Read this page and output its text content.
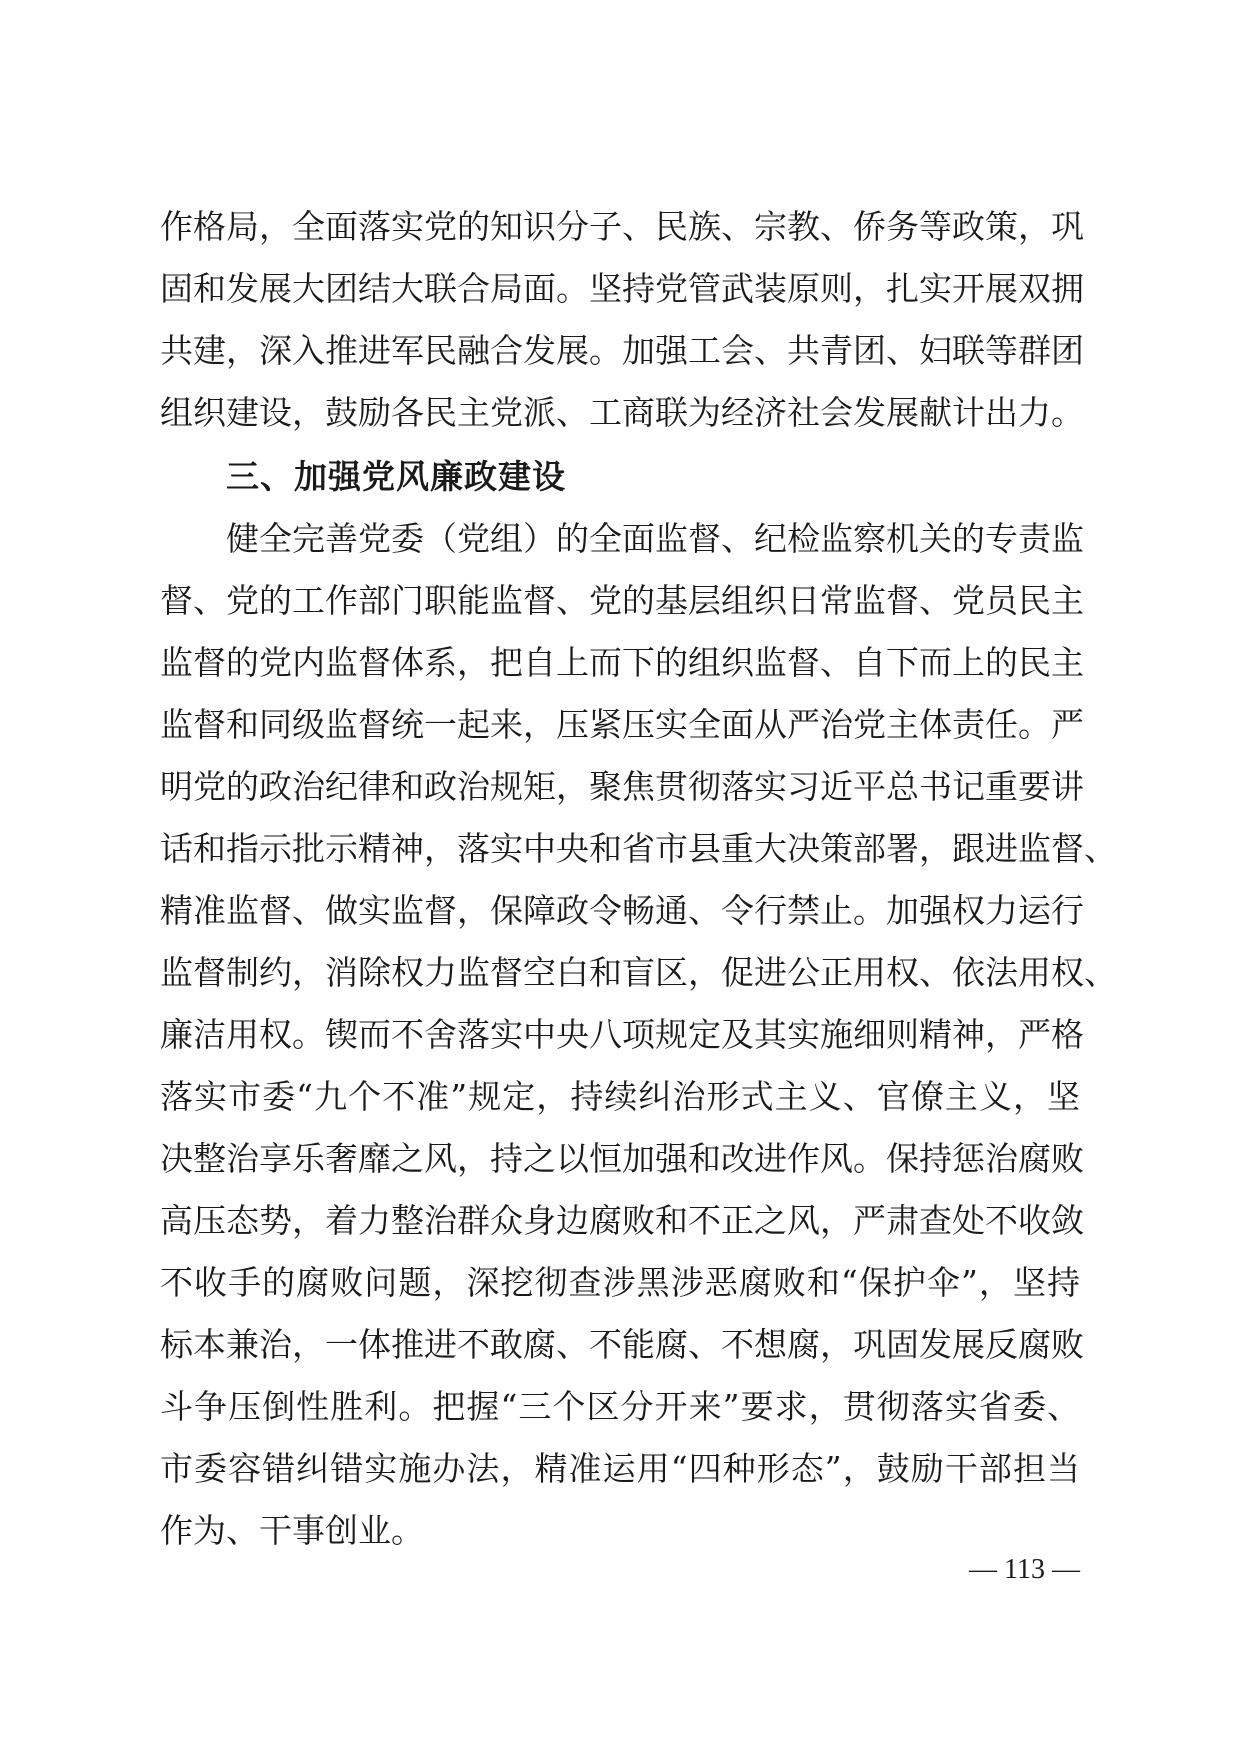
作格局，全面落实党的知识分子、民族、宗教、侨务等政策，巩
固和发展大团结大联合局面。坚持党管武装原则，扎实开展双拥
共建，深入推进军民融合发展。加强工会、共青团、妇联等群团
组织建设，鼓励各民主党派、工商联为经济社会发展献计出力。
三、加强党风廉政建设
健全完善党委（党组）的全面监督、纪检监察机关的专责监
督、党的工作部门职能监督、党的基层组织日常监督、党员民主
监督的党内监督体系，把自上而下的组织监督、自下而上的民主
监督和同级监督统一起来，压紧压实全面从严治党主体责任。严
明党的政治纪律和政治规矩，聚焦贯彻落实习近平总书记重要讲
话和指示批示精神，落实中央和省市县重大决策部署，跟进监督、
精准监督、做实监督，保障政令畅通、令行禁止。加强权力运行
监督制约，消除权力监督空白和盲区，促进公正用权、依法用权、
廉洁用权。锲而不舍落实中央八项规定及其实施细则精神，严格
落实市委“九个不准”规定，持续纠治形式主义、官僚主义，坚
决整治享乐奢靡之风，持之以恒加强和改进作风。保持惩治腐败
高压态势，着力整治群众身边腐败和不正之风，严肃查处不收敛
不收手的腐败问题，深挖彻查涉黑涉恶腐败和“保护伞”，坚持
标本兼治，一体推进不敢腐、不能腐、不想腐，巩固发展反腐败
斗争压倒性胜利。把握“三个区分开来”要求，贯彻落实省委、
市委容错纠错实施办法，精准运用“四种形态”，鼓励干部担当
作为、干事创业。
— 113 —
